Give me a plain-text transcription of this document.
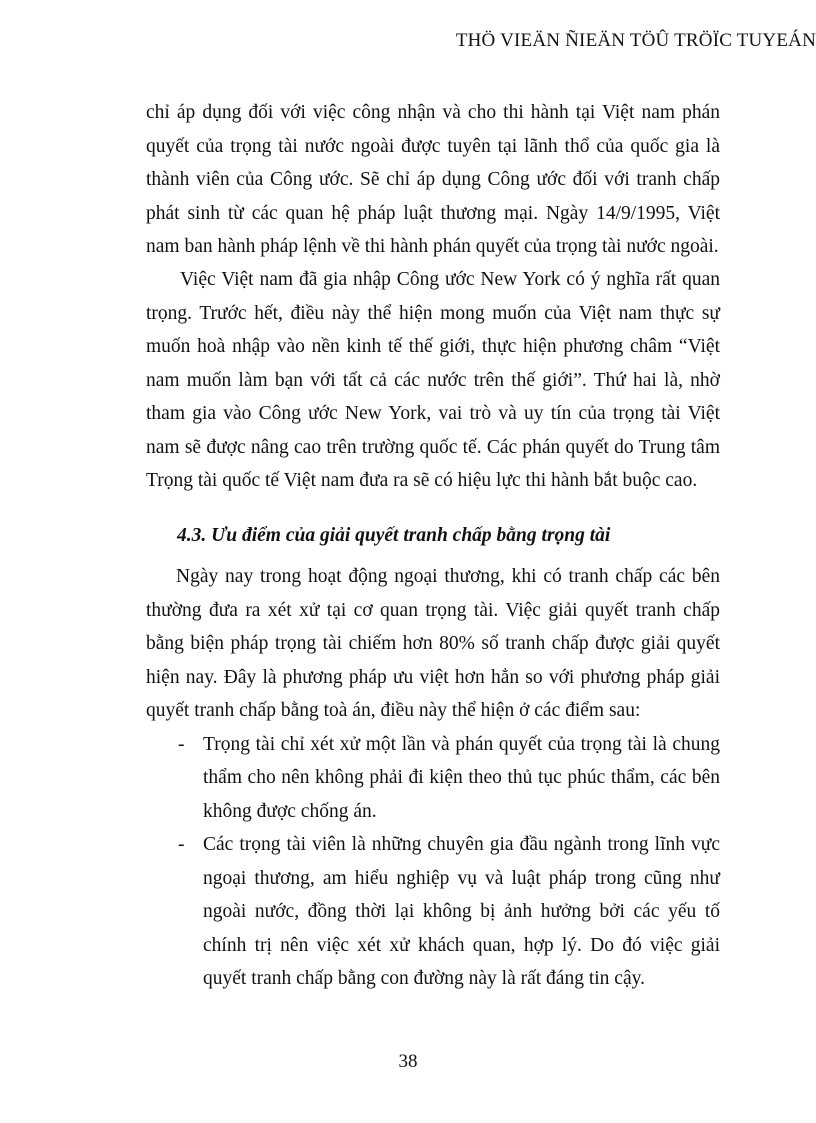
THÖ VIEÄN ÑIEÄN TÖÛ TRÖÏC TUYEÁN

chỉ áp dụng đối với việc công nhận và cho thi hành tại Việt nam phán quyết của trọng tài nước ngoài được tuyên tại lãnh thổ của quốc gia là thành viên của Công ước. Sẽ chỉ áp dụng Công ước đối với tranh chấp phát sinh từ các quan hệ pháp luật thương mại. Ngày 14/9/1995, Việt nam ban hành pháp lệnh về thi hành phán quyết của trọng tài nước ngoài.

Việc Việt nam đã gia nhập Công ước New York có ý nghĩa rất quan trọng. Trước hết, điều này thể hiện mong muốn của Việt nam thực sự muốn hoà nhập vào nền kinh tế thế giới, thực hiện phương châm “Việt nam muốn làm bạn với tất cả các nước trên thế giới”. Thứ hai là, nhờ tham gia vào Công ước New York, vai trò và uy tín của trọng tài Việt nam sẽ được nâng cao trên trường quốc tế. Các phán quyết do Trung tâm Trọng tài quốc tế Việt nam đưa ra sẽ có hiệu lực thi hành bắt buộc cao.

4.3. Ưu điểm của giải quyết tranh chấp bằng trọng tài

Ngày nay trong hoạt động ngoại thương, khi có tranh chấp các bên thường đưa ra xét xử tại cơ quan trọng tài. Việc giải quyết tranh chấp bằng biện pháp trọng tài chiếm hơn 80% số tranh chấp được giải quyết hiện nay. Đây là phương pháp ưu việt hơn hẳn so với phương pháp giải quyết tranh chấp bằng toà án, điều này thể hiện ở các điểm sau:

- Trọng tài chỉ xét xử một lần và phán quyết của trọng tài là chung thẩm cho nên không phải đi kiện theo thủ tục phúc thẩm, các bên không được chống án.
- Các trọng tài viên là những chuyên gia đầu ngành trong lĩnh vực ngoại thương, am hiểu nghiệp vụ và luật pháp trong cũng như ngoài nước, đồng thời lại không bị ảnh hưởng bởi các yếu tố chính trị nên việc xét xử khách quan, hợp lý. Do đó việc giải quyết tranh chấp bằng con đường này là rất đáng tin cậy.
38
